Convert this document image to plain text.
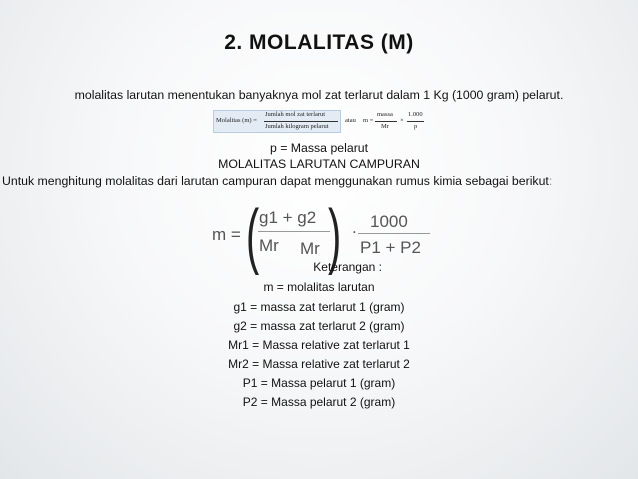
2. MOLALITAS (M)
molalitas larutan menentukan banyaknya mol zat terlarut dalam 1 Kg (1000 gram) pelarut.
Molalitas (m) =
Jumlah mol zat terlarut
Jumlah kilogram pelarut
atau m =
massa
Mr
×
1.000
p
p = Massa pelarut
MOLALITAS LARUTAN CAMPURAN
Untuk menghitung molalitas dari larutan campuran dapat menggunakan rumus kimia sebagai berikut:
m = ( g1 + g2
Mr Mr ) . 1000
P1 + P2
Keterangan :
m = molalitas larutan
g1 = massa zat terlarut 1 (gram)
g2 = massa zat terlarut 2 (gram)
Mr1 = Massa relative zat terlarut 1
Mr2 = Massa relative zat terlarut 2
P1 = Massa pelarut 1 (gram)
P2 = Massa pelarut 2 (gram)
